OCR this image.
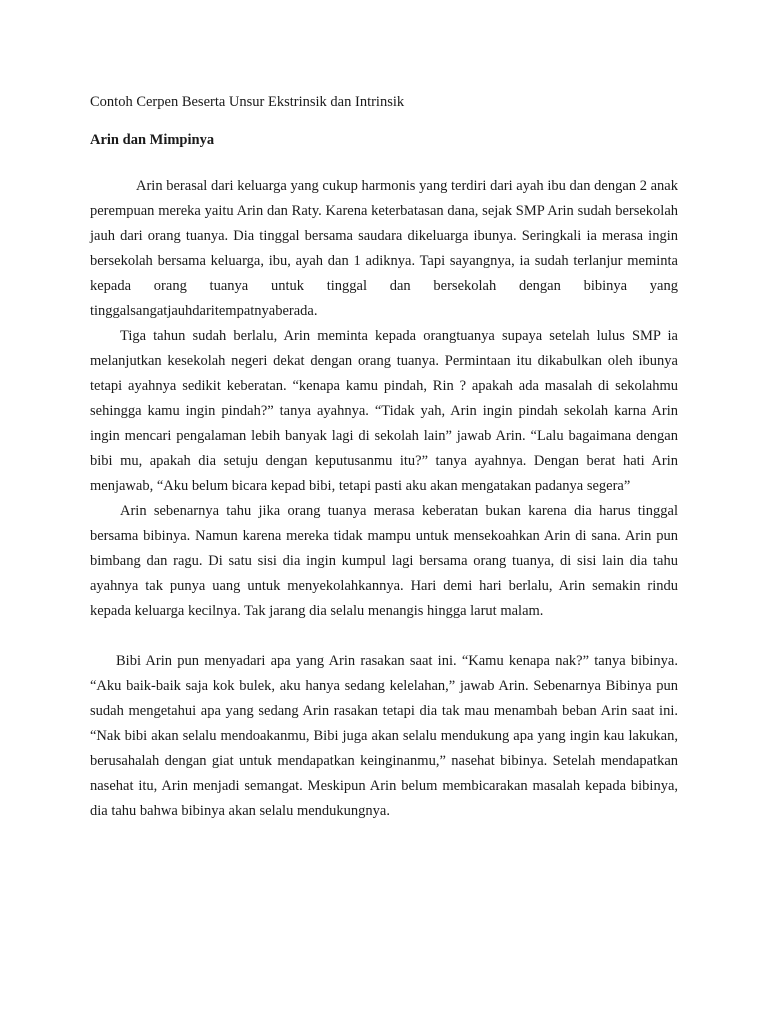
Contoh Cerpen Beserta Unsur Ekstrinsik dan Intrinsik
Arin dan Mimpinya

Arin berasal dari keluarga yang cukup harmonis yang terdiri dari ayah ibu dan dengan 2 anak perempuan mereka yaitu Arin dan Raty. Karena keterbatasan dana, sejak SMP Arin sudah bersekolah jauh dari orang tuanya. Dia tinggal bersama saudara dikeluarga ibunya. Seringkali ia merasa ingin bersekolah bersama keluarga, ibu, ayah dan 1 adiknya. Tapi sayangnya, ia sudah terlanjur meminta kepada orang tuanya untuk tinggal dan bersekolah dengan bibinya yang tinggalsangatjauhdaritempatnyaberada.

Tiga tahun sudah berlalu, Arin meminta kepada orangtuanya supaya setelah lulus SMP ia melanjutkan kesekolah negeri dekat dengan orang tuanya. Permintaan itu dikabulkan oleh ibunya tetapi ayahnya sedikit keberatan. “kenapa kamu pindah, Rin ? apakah ada masalah di sekolahmu sehingga kamu ingin pindah?” tanya ayahnya. “Tidak yah, Arin ingin pindah sekolah karna Arin ingin mencari pengalaman lebih banyak lagi di sekolah lain” jawab Arin. “Lalu bagaimana dengan bibi mu, apakah dia setuju dengan keputusanmu itu?” tanya ayahnya. Dengan berat hati Arin menjawab, “Aku belum bicara kepad bibi, tetapi pasti aku akan mengatakan padanya segera”

Arin sebenarnya tahu jika orang tuanya merasa keberatan bukan karena dia harus tinggal bersama bibinya. Namun karena mereka tidak mampu untuk mensekoahkan Arin di sana. Arin pun bimbang dan ragu. Di satu sisi dia ingin kumpul lagi bersama orang tuanya, di sisi lain dia tahu ayahnya tak punya uang untuk menyekolahkannya. Hari demi hari berlalu, Arin semakin rindu kepada keluarga kecilnya. Tak jarang dia selalu menangis hingga larut malam.

Bibi Arin pun menyadari apa yang Arin rasakan saat ini. “Kamu kenapa nak?” tanya bibinya. “Aku baik-baik saja kok bulek, aku hanya sedang kelelahan,” jawab Arin. Sebenarnya Bibinya pun sudah mengetahui apa yang sedang Arin rasakan tetapi dia tak mau menambah beban Arin saat ini. “Nak bibi akan selalu mendoakanmu, Bibi juga akan selalu mendukung apa yang ingin kau lakukan, berusahalah dengan giat untuk mendapatkan keinginanmu,” nasehat bibinya. Setelah mendapatkan nasehat itu, Arin menjadi semangat. Meskipun Arin belum membicarakan masalah kepada bibinya, dia tahu bahwa bibinya akan selalu mendukungnya.
